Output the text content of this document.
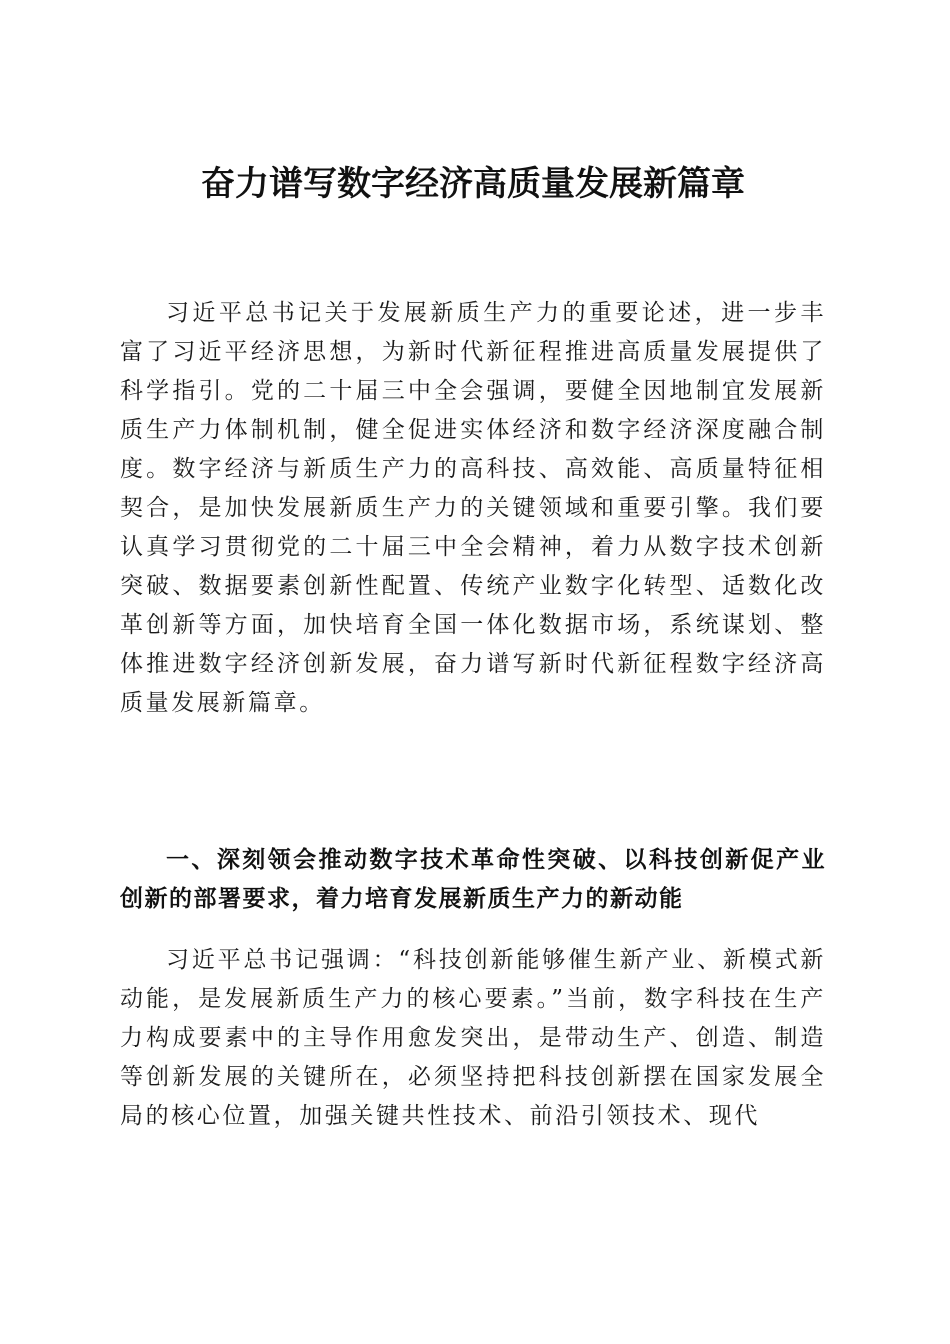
奋力谱写数字经济高质量发展新篇章

习近平总书记关于发展新质生产力的重要论述，进一步丰富了习近平经济思想，为新时代新征程推进高质量发展提供了科学指引。党的二十届三中全会强调，要健全因地制宜发展新质生产力体制机制，健全促进实体经济和数字经济深度融合制度。数字经济与新质生产力的高科技、高效能、高质量特征相契合，是加快发展新质生产力的关键领域和重要引擎。我们要认真学习贯彻党的二十届三中全会精神，着力从数字技术创新突破、数据要素创新性配置、传统产业数字化转型、适数化改革创新等方面，加快培育全国一体化数据市场，系统谋划、整体推进数字经济创新发展，奋力谱写新时代新征程数字经济高质量发展新篇章。

一、深刻领会推动数字技术革命性突破、以科技创新促产业创新的部署要求，着力培育发展新质生产力的新动能

习近平总书记强调：“科技创新能够催生新产业、新模式新动能，是发展新质生产力的核心要素。”当前，数字科技在生产力构成要素中的主导作用愈发突出，是带动生产、创造、制造等创新发展的关键所在，必须坚持把科技创新摆在国家发展全局的核心位置，加强关键共性技术、前沿引领技术、现代
